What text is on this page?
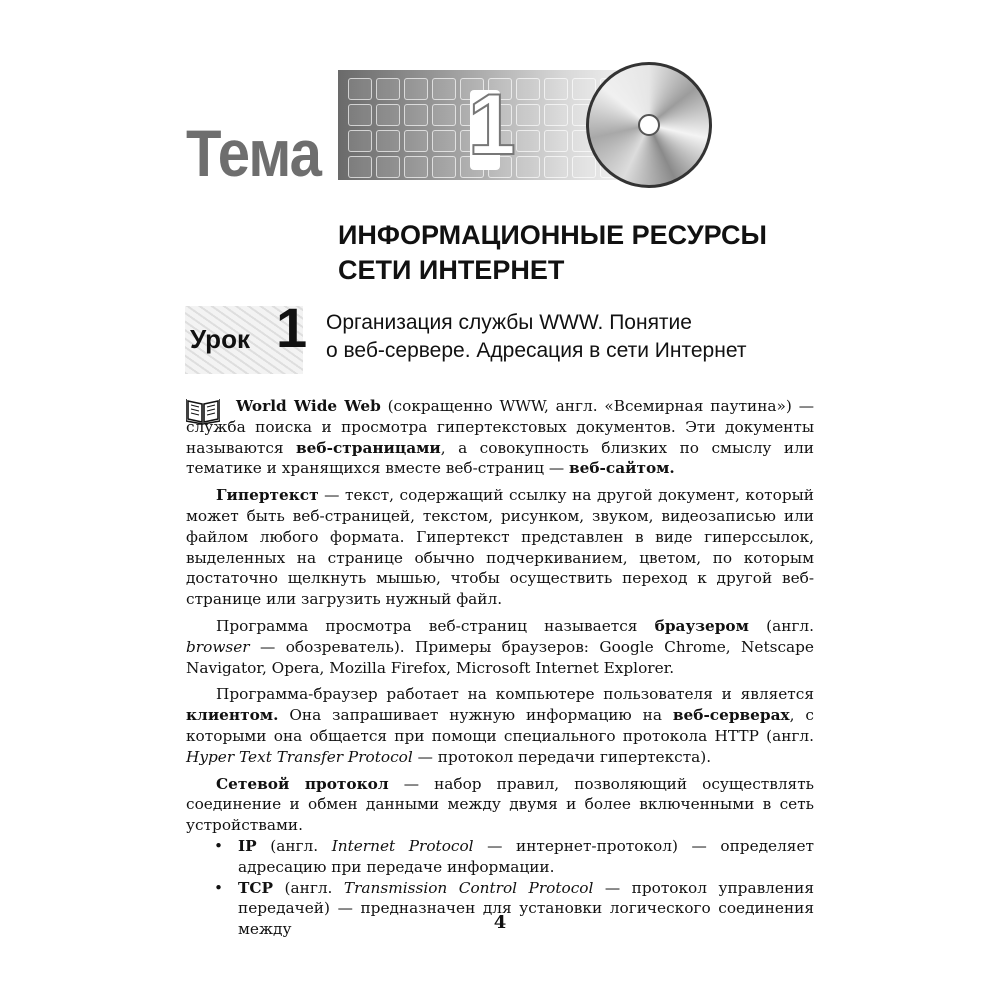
1
Тема
ИНФОРМАЦИОННЫЕ РЕСУРСЫ
СЕТИ ИНТЕРНЕТ
Урок 1 Организация службы WWW. Понятие
о веб-сервере. Адресация в сети Интернет

World Wide Web (сокращенно WWW, англ. «Всемирная паутина») — служба поиска и просмотра гипертекстовых документов. Эти документы называются веб-страницами, а совокупность близких по смыслу или тематике и хранящихся вместе веб-страниц — веб-сайтом.

Гипертекст — текст, содержащий ссылку на другой документ, который может быть веб-страницей, текстом, рисунком, звуком, видеозаписью или файлом любого формата. Гипертекст представлен в виде гиперссылок, выделенных на странице обычно подчеркиванием, цветом, по которым достаточно щелкнуть мышью, чтобы осуществить переход к другой веб-странице или загрузить нужный файл.

Программа просмотра веб-страниц называется браузером (англ. browser — обозреватель). Примеры браузеров: Google Chrome, Netscape Navigator, Opera, Mozilla Firefox, Microsoft Internet Explorer.

Программа-браузер работает на компьютере пользователя и является клиентом. Она запрашивает нужную информацию на веб-серверах, с которыми она общается при помощи специального протокола HTTP (англ. Hyper Text Transfer Protocol — протокол передачи гипертекста).

Сетевой протокол — набор правил, позволяющий осуществлять соединение и обмен данными между двумя и более включенными в сеть устройствами.

• IP (англ. Internet Protocol — интернет-протокол) — определяет адресацию при передаче информации.
• TCP (англ. Transmission Control Protocol — протокол управления передачей) — предназначен для установки логического соединения между	4
